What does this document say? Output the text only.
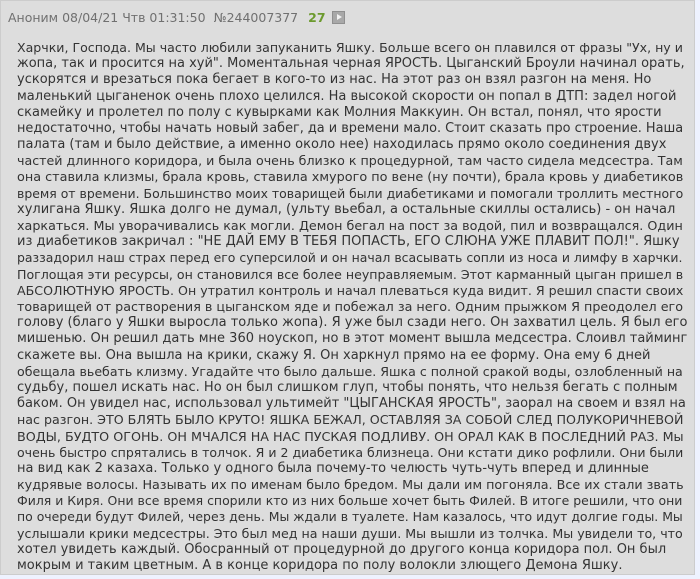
Аноним 08/04/21 Чтв 01:31:50 №244007377 27
Харчки, Господа. Мы часто любили запуканить Яшку. Больше всего он плавился от фразы "Ух, ну и
жопа, так и просится на хуй". Моментальная черная ЯРОСТЬ. Цыганский Броули начинал орать,
ускорятся и врезаться пока бегает в кого-то из нас. На этот раз он взял разгон на меня. Но
маленький цыганенок очень плохо целился. На высокой скорости он попал в ДТП: задел ногой
скамейку и пролетел по полу с кувырками как Молния Маккуин. Он встал, понял, что ярости
недостаточно, чтобы начать новый забег, да и времени мало. Стоит сказать про строение. Наша
палата (там и было действие, а именно около нее) находилась прямо около соединения двух
частей длинного коридора, и была очень близко к процедурной, там часто сидела медсестра. Там
она ставила клизмы, брала кровь, ставила хмурого по вене (ну почти), брала кровь у диабетиков
время от времени. Большинство моих товарищей были диабетиками и помогали троллить местного
хулигана Яшку. Яшка долго не думал, (ульту вьебал, а остальные скиллы остались) - он начал
харкаться. Мы уворачивались как могли. Демон бегал на пост за водой, пил и возвращался. Один
из диабетиков закричал : "НЕ ДАЙ ЕМУ В ТЕБЯ ПОПАСТЬ, ЕГО СЛЮНА УЖЕ ПЛАВИТ ПОЛ!". Яшку
раззадорил наш страх перед его суперсилой и он начал всасывать сопли из носа и лимфу в харчки.
Поглощая эти ресурсы, он становился все более неуправляемым. Этот карманный цыган пришел в
АБСОЛЮТНУЮ ЯРОСТЬ. Он утратил контроль и начал плеваться куда видит. Я решил спасти своих
товарищей от растворения в цыганском яде и побежал за него. Одним прыжком Я преодолел его
голову (благо у Яшки выросла только жопа). Я уже был сзади него. Он захватил цель. Я был его
мишенью. Он решил дать мне 360 ноускоп, но в этот момент вышла медсестра. Слоивл тайминг
скажете вы. Она вышла на крики, скажу Я. Он харкнул прямо на ее форму. Она ему 6 дней
обещала вьебать клизму. Угадайте что было дальше. Яшка с полной сракой воды, озлобленный на
судьбу, пошел искать нас. Но он был слишком глуп, чтобы понять, что нельзя бегать с полным
баком. Он увидел нас, использовал ультимейт "ЦЫГАНСКАЯ ЯРОСТЬ", заорал на своем и взял на
нас разгон. ЭТО БЛЯТЬ БЫЛО КРУТО! ЯШКА БЕЖАЛ, ОСТАВЛЯЯ ЗА СОБОЙ СЛЕД ПОЛУКОРИЧНЕВОЙ
ВОДЫ, БУДТО ОГОНЬ. ОН МЧАЛСЯ НА НАС ПУСКАЯ ПОДЛИВУ. ОН ОРАЛ КАК В ПОСЛЕДНИЙ РАЗ. Мы
очень быстро спрятались в толчок. Я и 2 диабетика близнеца. Они кстати дико рофлили. Они были
на вид как 2 казаха. Только у одного была почему-то челюсть чуть-чуть вперед и длинные
кудрявые волосы. Называть их по именам было бредом. Мы дали им погоняла. Все их стали звать
Филя и Киря. Они все время спорили кто из них больше хочет быть Филей. В итоге решили, что они
по очереди будут Филей, через день. Мы ждали в туалете. Нам казалось, что идут долгие годы. Мы
услышали крики медсестры. Это был мед на наши души. Мы вышли из толчка. Мы увидели то, что
хотел увидеть каждый. Обосранный от процедурной до другого конца коридора пол. Он был
мокрым и таким цветным. А в конце коридора по полу волокли злющего Демона Яшку.
